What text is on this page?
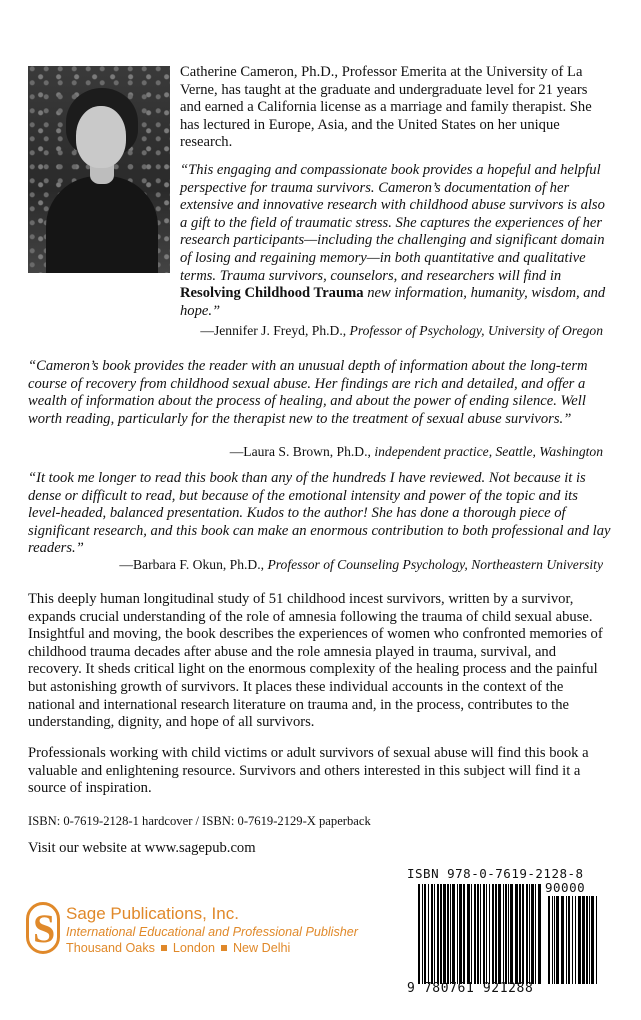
Catherine Cameron, Ph.D., Professor Emerita at the University of La Verne, has taught at the graduate and undergraduate level for 21 years and earned a California license as a marriage and family therapist. She has lectured in Europe, Asia, and the United States on her unique research.

“This engaging and compassionate book provides a hopeful and helpful perspective for trauma survivors. Cameron’s documentation of her extensive and innovative research with childhood abuse survivors is also a gift to the field of traumatic stress. She captures the experiences of her research participants—including the challenging and significant domain of losing and regaining memory—in both quantitative and qualitative terms. Trauma survivors, counselors, and researchers will find in Resolving Childhood Trauma new information, humanity, wisdom, and hope.”

—Jennifer J. Freyd, Ph.D., Professor of Psychology, University of Oregon

“Cameron’s book provides the reader with an unusual depth of information about the long-term course of recovery from childhood sexual abuse. Her findings are rich and detailed, and offer a wealth of information about the process of healing, and about the power of ending silence. Well worth reading, particularly for the therapist new to the treatment of sexual abuse survivors.”

—Laura S. Brown, Ph.D., independent practice, Seattle, Washington

“It took me longer to read this book than any of the hundreds I have reviewed. Not because it is dense or difficult to read, but because of the emotional intensity and power of the topic and its level-headed, balanced presentation. Kudos to the author! She has done a thorough piece of significant research, and this book can make an enormous contribution to both professional and lay readers.”

—Barbara F. Okun, Ph.D., Professor of Counseling Psychology, Northeastern University

This deeply human longitudinal study of 51 childhood incest survivors, written by a survivor, expands crucial understanding of the role of amnesia following the trauma of child sexual abuse. Insightful and moving, the book describes the experiences of women who confronted memories of childhood trauma decades after abuse and the role amnesia played in trauma, survival, and recovery. It sheds critical light on the enormous complexity of the healing process and the painful but astonishing growth of survivors. It places these individual accounts in the context of the national and international research literature on trauma and, in the process, contributes to the understanding, dignity, and hope of all survivors.

Professionals working with child victims or adult survivors of sexual abuse will find this book a valuable and enlightening resource. Survivors and others interested in this subject will find it a source of inspiration.

ISBN: 0-7619-2128-1 hardcover / ISBN: 0-7619-2129-X paperback

Visit our website at www.sagepub.com

S Sage Publications, Inc.
International Educational and Professional Publisher
Thousand Oaks London New Delhi
ISBN 978-0-7619-2128-8
90000
9 780761 921288
